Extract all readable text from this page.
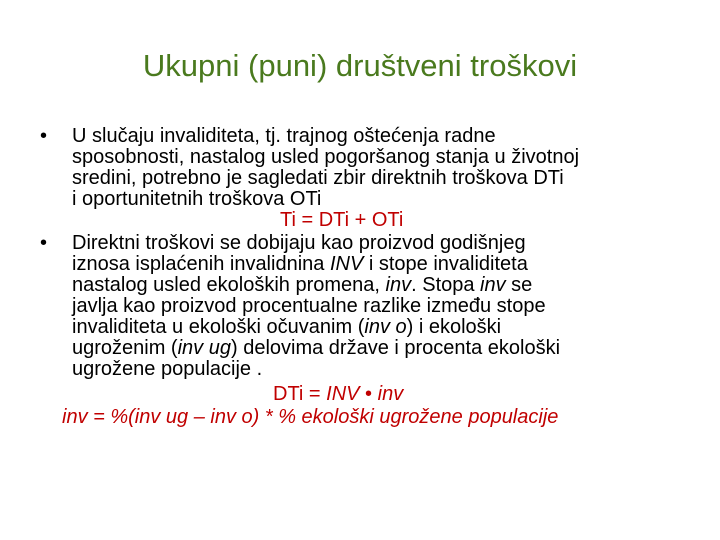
Ukupni (puni) društveni troškovi
• U slučaju invaliditeta, tj. trajnog oštećenja radne
sposobnosti, nastalog usled pogoršanog stanja u životnoj
sredini, potrebno je sagledati zbir direktnih troškova DTi
i oportunitetnih troškova OTi
Ti = DTi + OTi
• Direktni troškovi se dobijaju kao proizvod godišnjeg
iznosa isplaćenih invalidnina INV i stope invaliditeta
nastalog usled ekoloških promena, inv. Stopa inv se
javlja kao proizvod procentualne razlike između stope
invaliditeta u ekološki očuvanim (inv o) i ekološki
ugroženim (inv ug) delovima države i procenta ekološki
ugrožene populacije .
DTi = INV • inv
inv = %(inv ug – inv o) * % ekološki ugrožene populacije
